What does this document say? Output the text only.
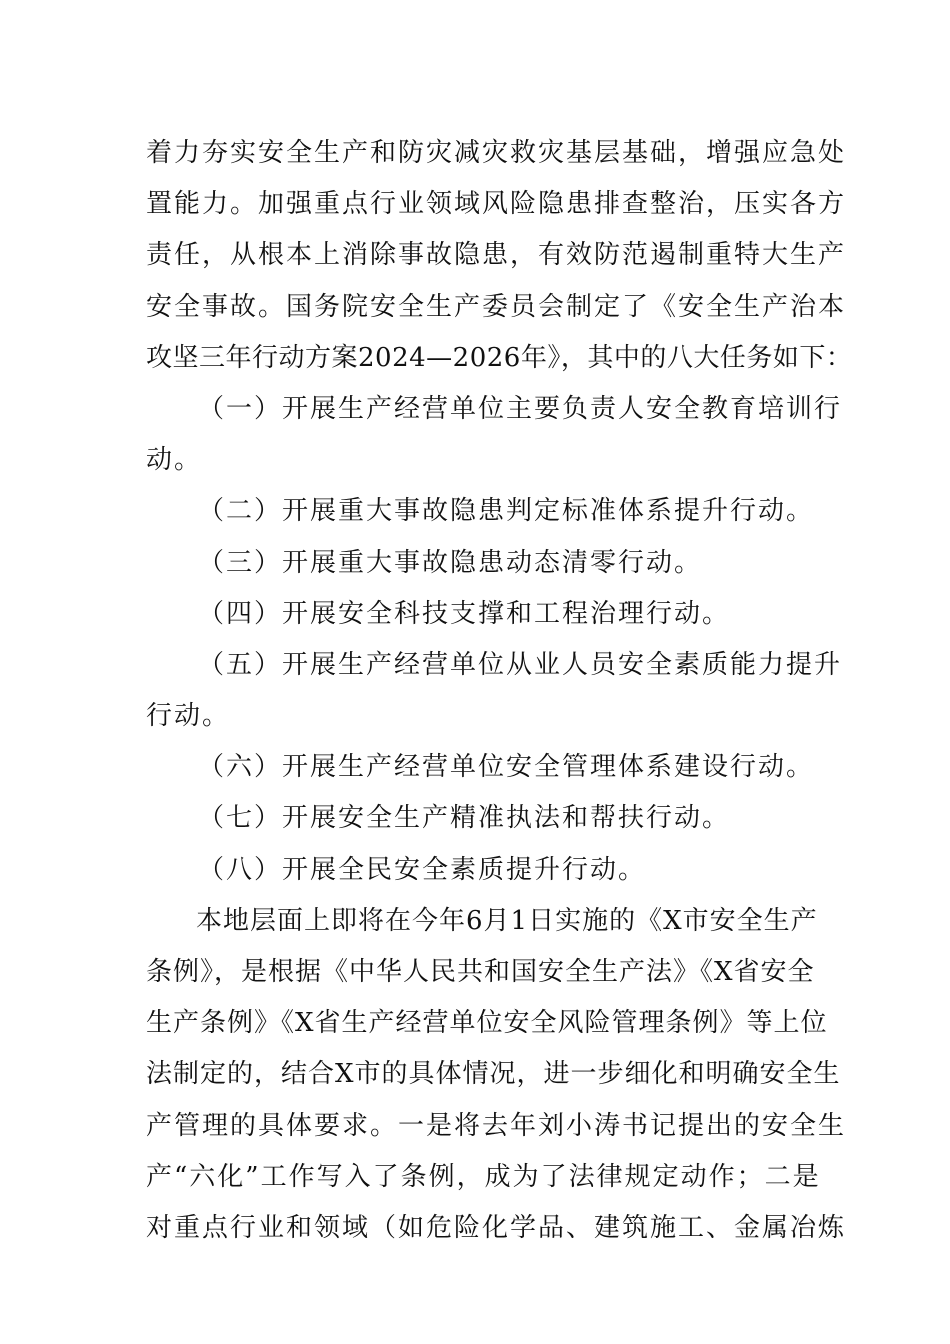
着力夯实安全生产和防灾减灾救灾基层基础，增强应急处
置能力。加强重点行业领域风险隐患排查整治，压实各方
责任，从根本上消除事故隐患，有效防范遏制重特大生产
安全事故。国务院安全生产委员会制定了《安全生产治本
攻坚三年行动方案2024—2026年》，其中的八大任务如下：
（一）开展生产经营单位主要负责人安全教育培训行
动。
（二）开展重大事故隐患判定标准体系提升行动。
（三）开展重大事故隐患动态清零行动。
（四）开展安全科技支撑和工程治理行动。
（五）开展生产经营单位从业人员安全素质能力提升
行动。
（六）开展生产经营单位安全管理体系建设行动。
（七）开展安全生产精准执法和帮扶行动。
（八）开展全民安全素质提升行动。
本地层面上即将在今年6月1日实施的《X市安全生产
条例》，是根据《中华人民共和国安全生产法》《X省安全
生产条例》《X省生产经营单位安全风险管理条例》等上位
法制定的，结合X市的具体情况，进一步细化和明确安全生
产管理的具体要求。一是将去年刘小涛书记提出的安全生
产“六化”工作写入了条例，成为了法律规定动作；二是
对重点行业和领域（如危险化学品、建筑施工、金属冶炼
